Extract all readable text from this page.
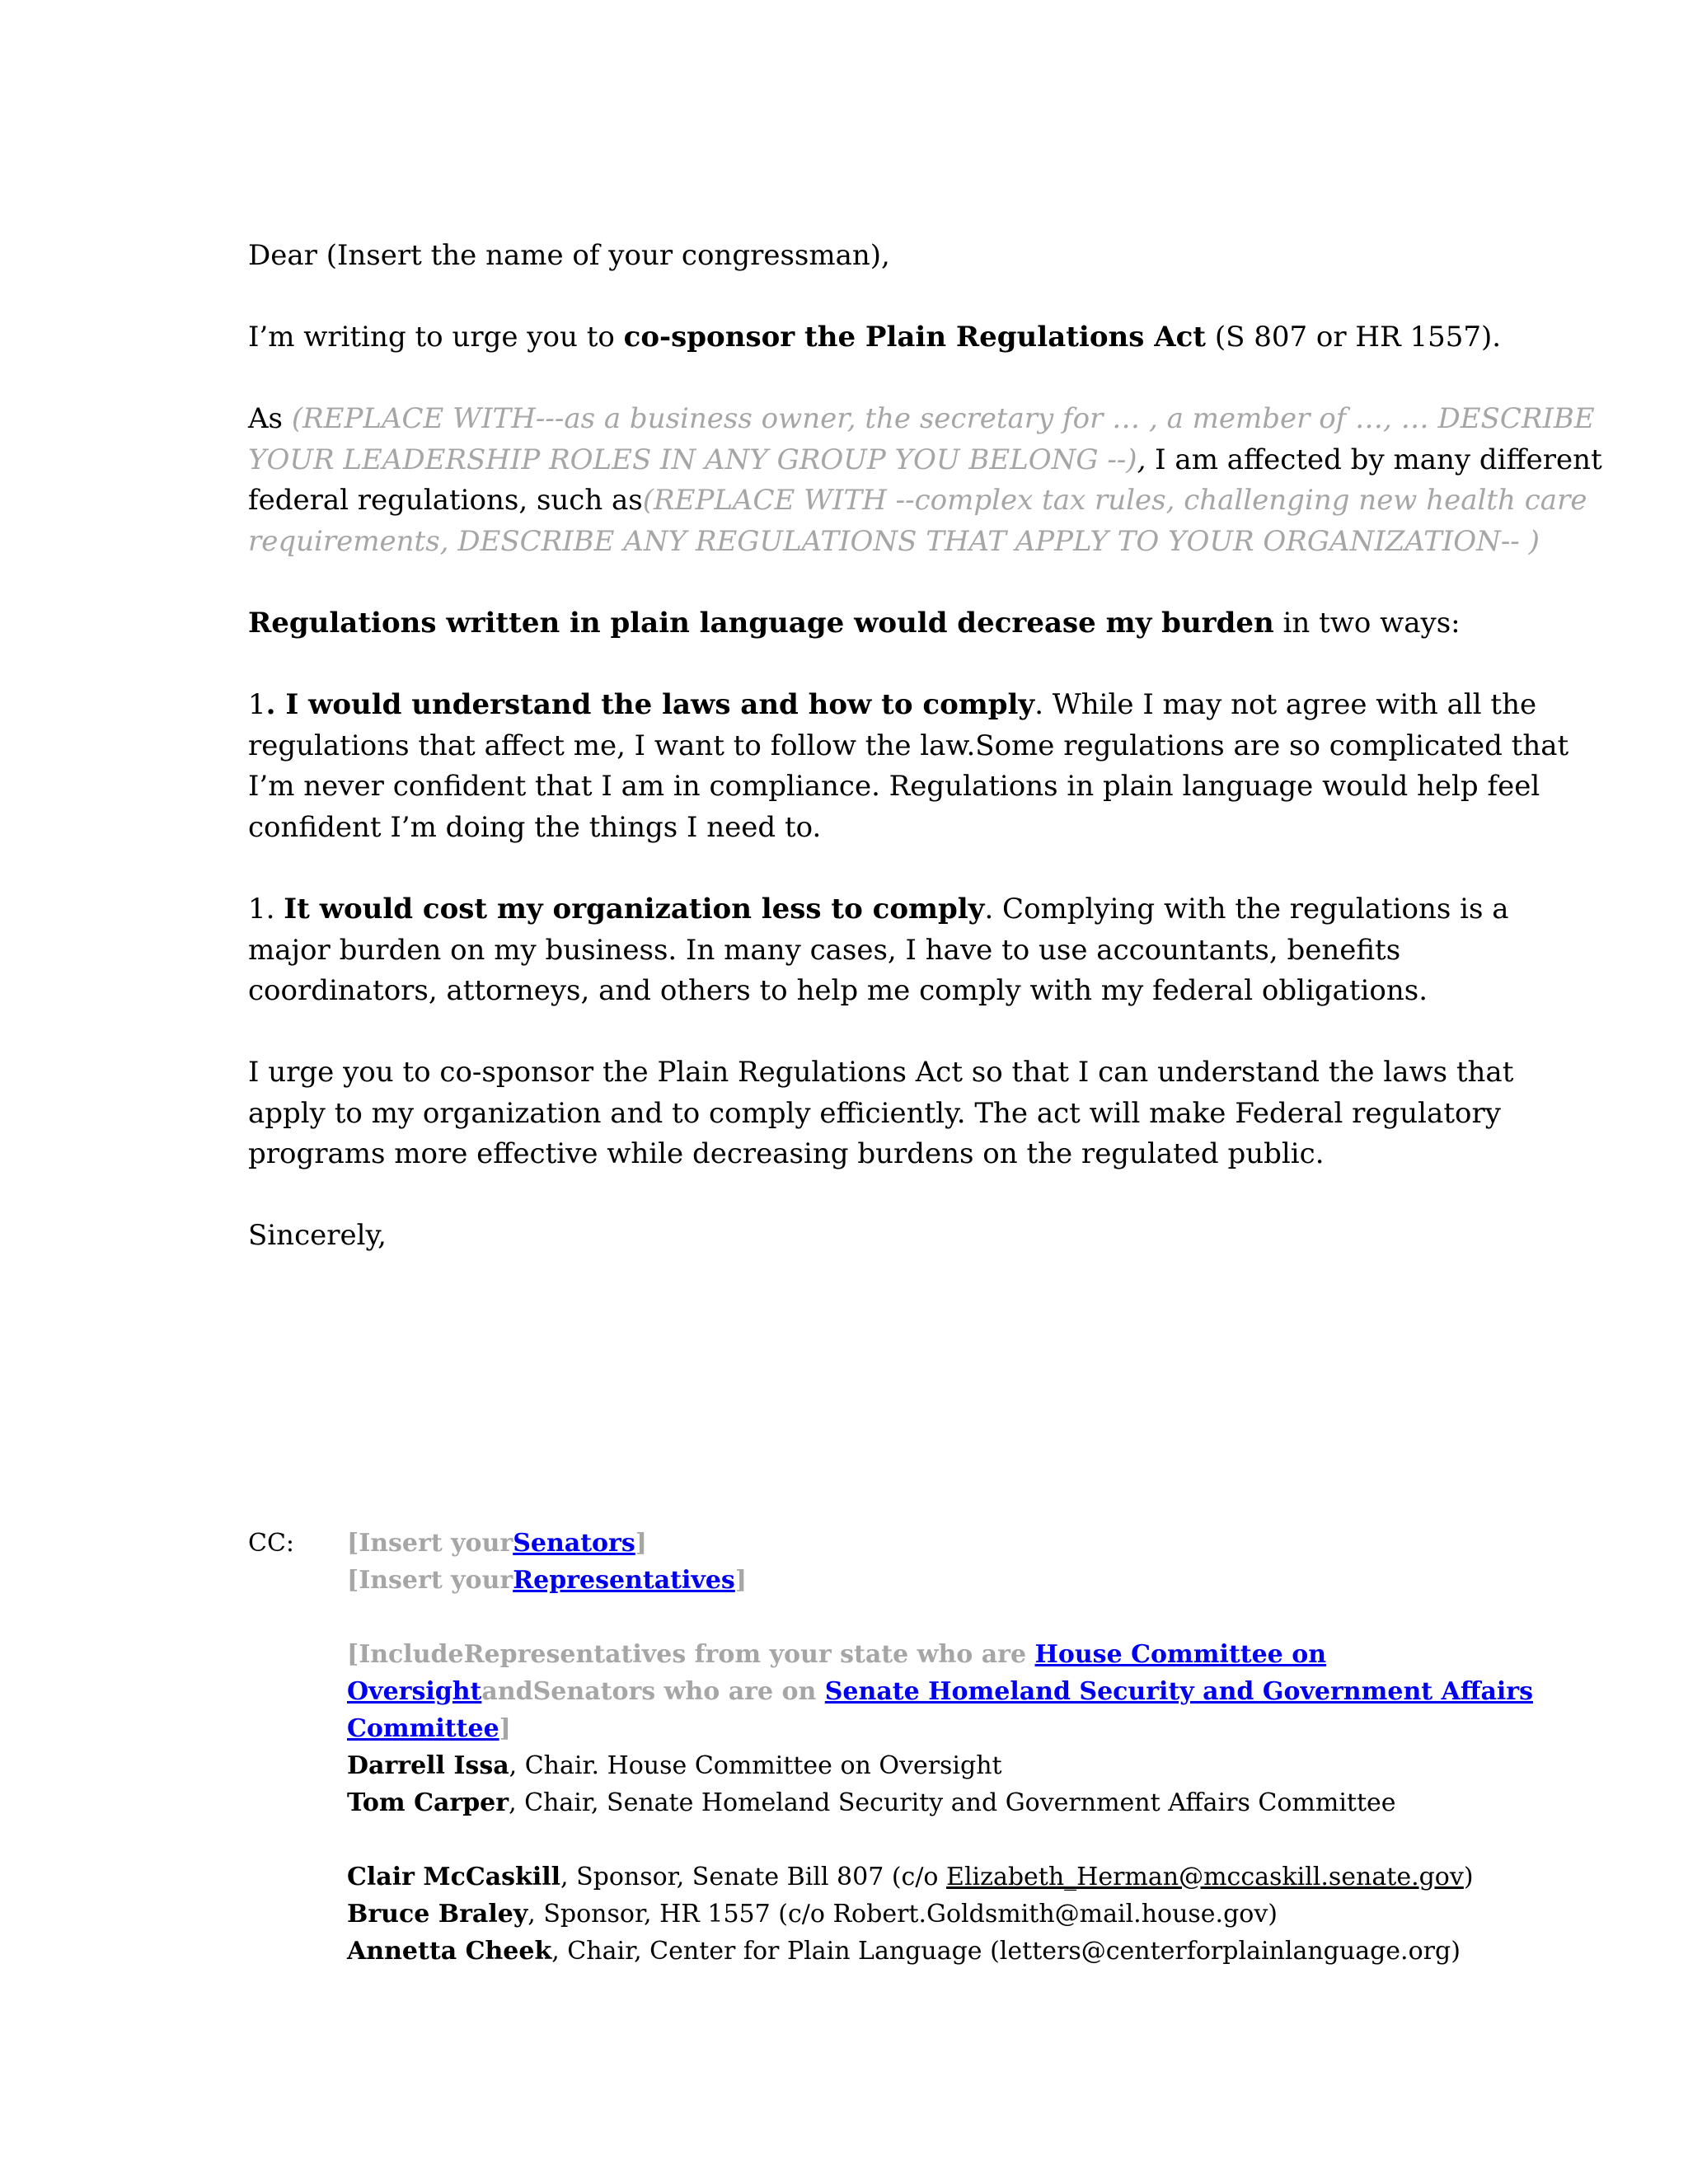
Dear (Insert the name of your congressman),
I’m writing to urge you to co-sponsor the Plain Regulations Act (S 807 or HR 1557).
As (REPLACE WITH---as a business owner, the secretary for … , a member of …, … DESCRIBE
YOUR LEADERSHIP ROLES IN ANY GROUP YOU BELONG --), I am affected by many different
federal regulations, such as(REPLACE WITH --complex tax rules, challenging new health care
requirements, DESCRIBE ANY REGULATIONS THAT APPLY TO YOUR ORGANIZATION-- )
Regulations written in plain language would decrease my burden in two ways:
1. I would understand the laws and how to comply. While I may not agree with all the
regulations that affect me, I want to follow the law.Some regulations are so complicated that
I’m never confident that I am in compliance. Regulations in plain language would help feel
confident I’m doing the things I need to.
1. It would cost my organization less to comply. Complying with the regulations is a
major burden on my business. In many cases, I have to use accountants, benefits
coordinators, attorneys, and others to help me comply with my federal obligations.
I urge you to co-sponsor the Plain Regulations Act so that I can understand the laws that
apply to my organization and to comply efficiently. The act will make Federal regulatory
programs more effective while decreasing burdens on the regulated public.
Sincerely,
CC: [Insert yourSenators]
[Insert yourRepresentatives]
[IncludeRepresentatives from your state who are House Committee on
OversightandSenators who are on Senate Homeland Security and Government Affairs
Committee]
Darrell Issa, Chair. House Committee on Oversight
Tom Carper, Chair, Senate Homeland Security and Government Affairs Committee
Clair McCaskill, Sponsor, Senate Bill 807 (c/o Elizabeth_Herman@mccaskill.senate.gov)
Bruce Braley, Sponsor, HR 1557 (c/o Robert.Goldsmith@mail.house.gov)
Annetta Cheek, Chair, Center for Plain Language (letters@centerforplainlanguage.org)
